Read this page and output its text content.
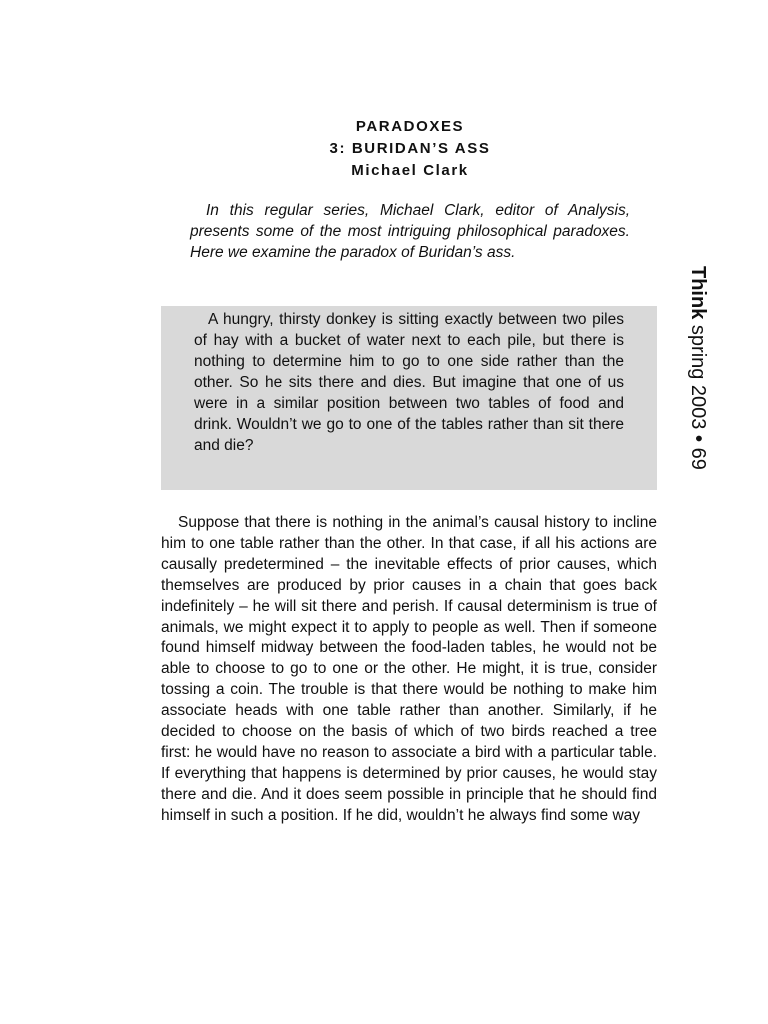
PARADOXES
3: BURIDAN’S ASS
Michael Clark

In this regular series, Michael Clark, editor of Analysis, presents some of the most intriguing philosophical paradoxes. Here we examine the paradox of Buridan’s ass.

A hungry, thirsty donkey is sitting exactly between two piles of hay with a bucket of water next to each pile, but there is nothing to determine him to go to one side rather than the other. So he sits there and dies. But imagine that one of us were in a similar position between two tables of food and drink. Wouldn’t we go to one of the tables rather than sit there and die?

Suppose that there is nothing in the animal’s causal history to incline him to one table rather than the other. In that case, if all his actions are causally predetermined – the inevitable effects of prior causes, which themselves are produced by prior causes in a chain that goes back indefinitely – he will sit there and perish. If causal determinism is true of animals, we might expect it to apply to people as well. Then if someone found himself midway between the food-laden tables, he would not be able to choose to go to one or the other. He might, it is true, consider tossing a coin. The trouble is that there would be nothing to make him associate heads with one table rather than another. Similarly, if he decided to choose on the basis of which of two birds reached a tree first: he would have no reason to associate a bird with a particular table. If everything that happens is determined by prior causes, he would stay there and die. And it does seem possible in principle that he should find himself in such a position. If he did, wouldn’t he always find some way

Think spring 2003 • 69
